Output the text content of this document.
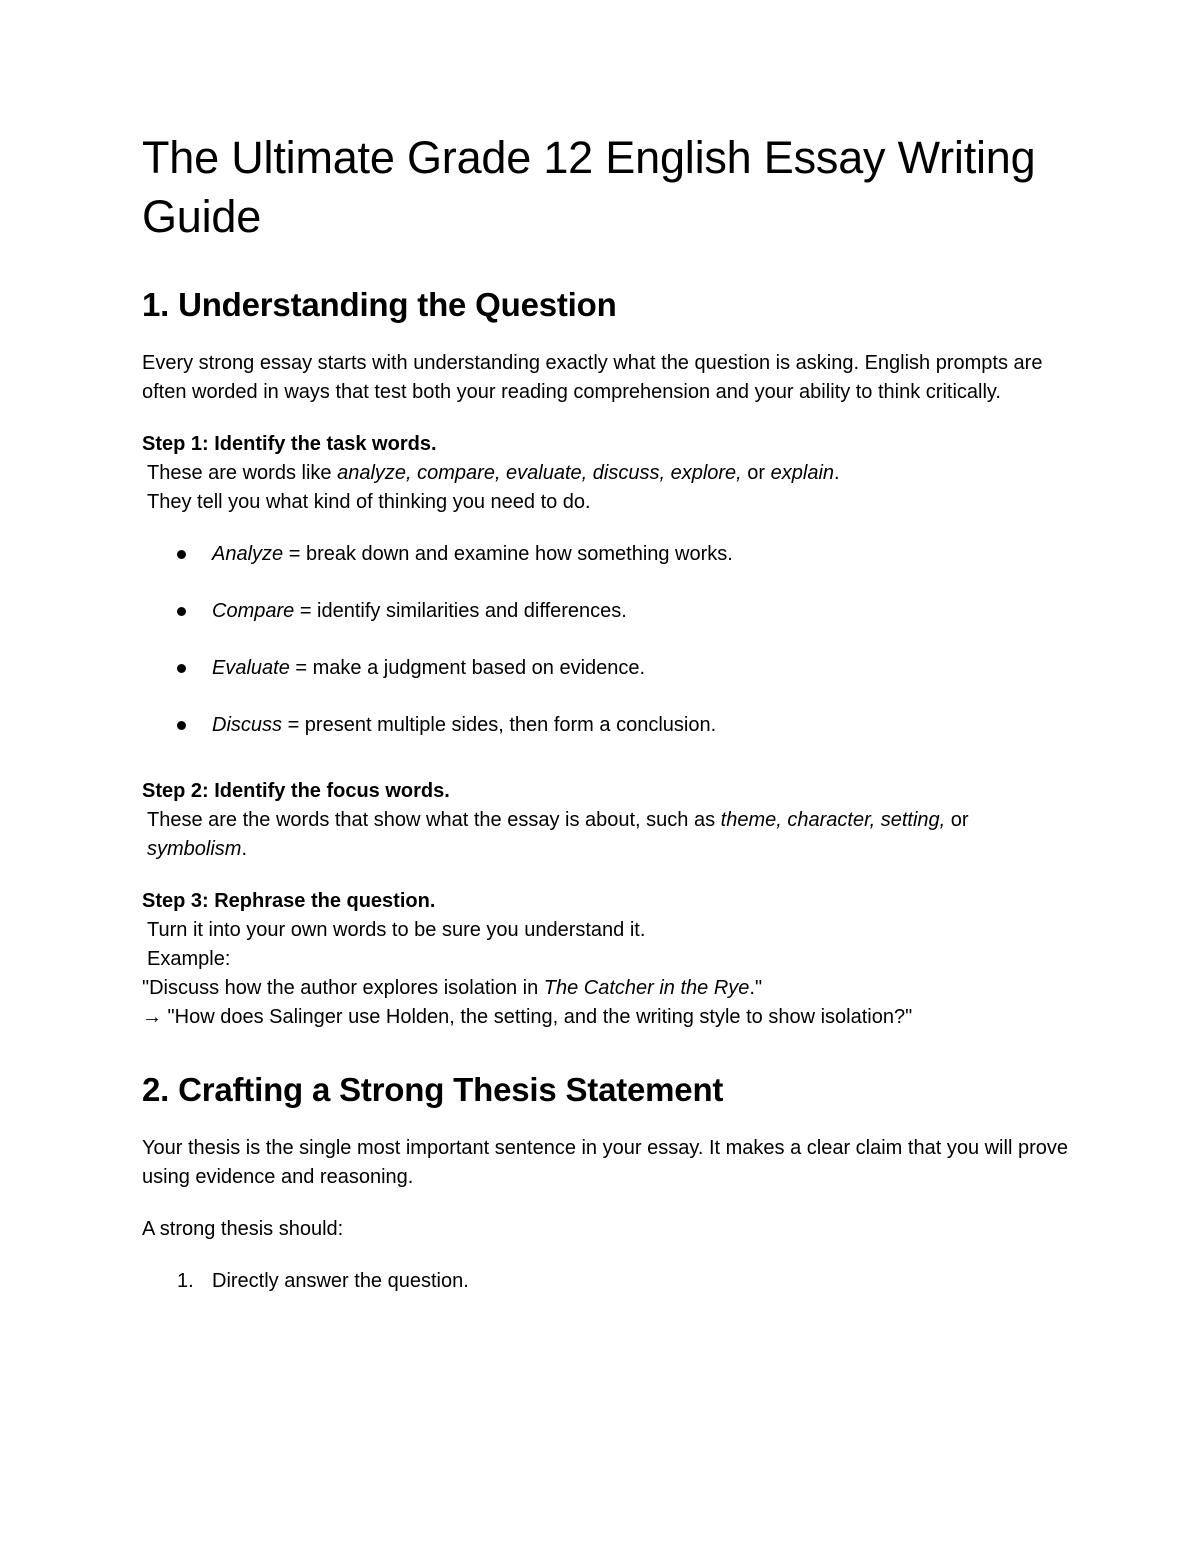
The Ultimate Grade 12 English Essay Writing Guide
1. Understanding the Question

Every strong essay starts with understanding exactly what the question is asking. English prompts are often worded in ways that test both your reading comprehension and your ability to think critically.

Step 1: Identify the task words.

These are words like analyze, compare, evaluate, discuss, explore, or explain.

They tell you what kind of thinking you need to do.

Analyze = break down and examine how something works.
Compare = identify similarities and differences.
Evaluate = make a judgment based on evidence.
Discuss = present multiple sides, then form a conclusion.

Step 2: Identify the focus words.

These are the words that show what the essay is about, such as theme, character, setting, or symbolism.

Step 3: Rephrase the question.

Turn it into your own words to be sure you understand it.

Example:

"Discuss how the author explores isolation in The Catcher in the Rye."

→ "How does Salinger use Holden, the setting, and the writing style to show isolation?"

2. Crafting a Strong Thesis Statement

Your thesis is the single most important sentence in your essay. It makes a clear claim that you will prove using evidence and reasoning.

A strong thesis should:

1. Directly answer the question.
